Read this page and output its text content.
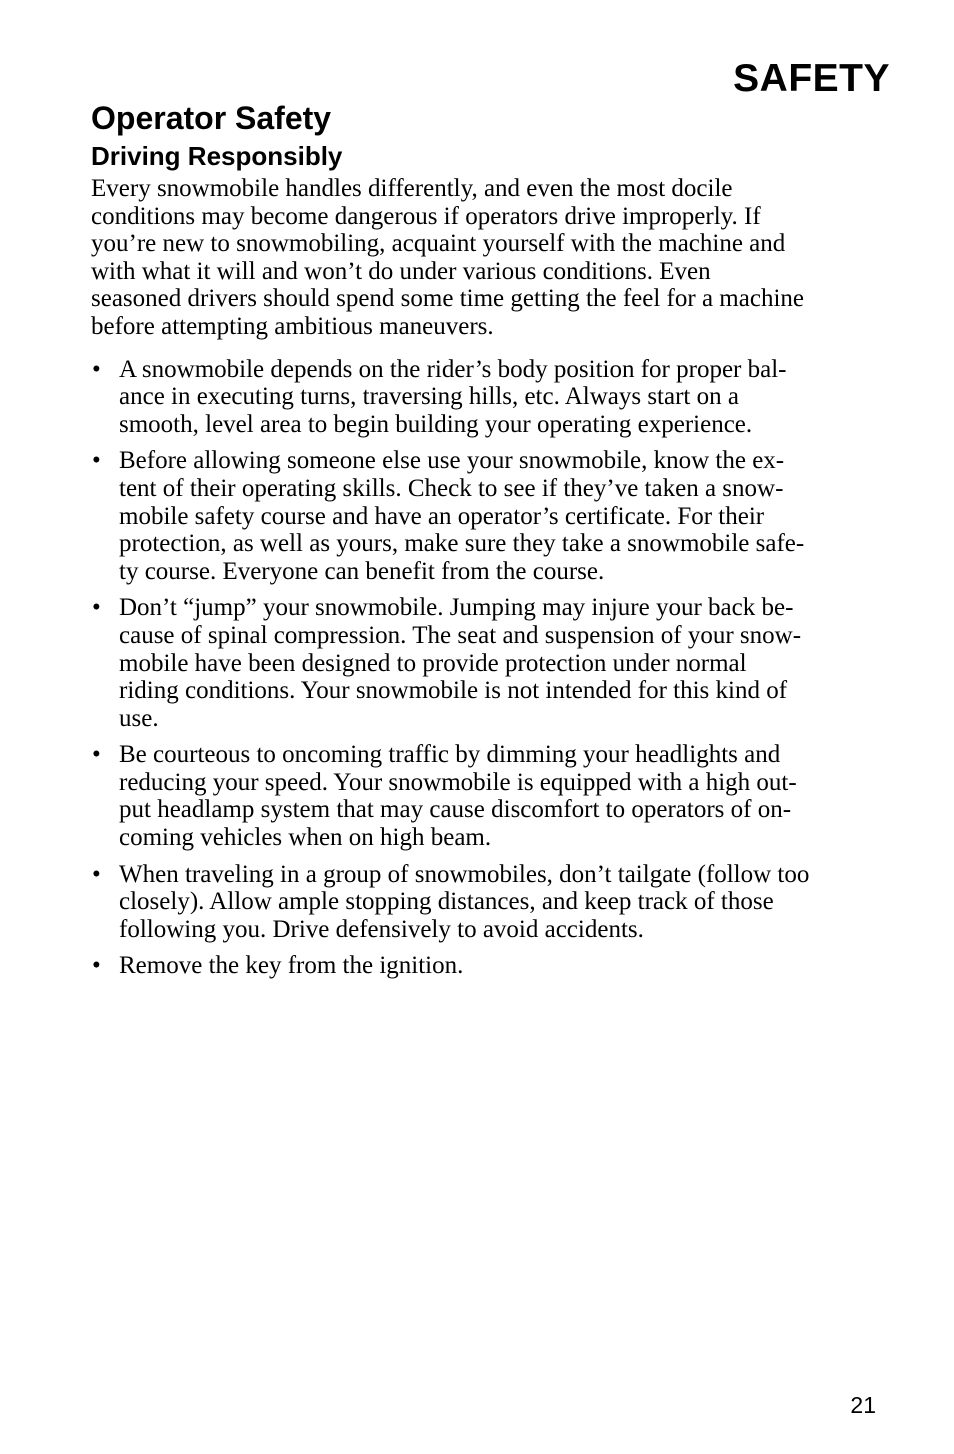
SAFETY
Operator Safety
Driving Responsibly

Every snowmobile handles differently, and even the most docile
conditions may become dangerous if operators drive improperly. If
you’re new to snowmobiling, acquaint yourself with the machine and
with what it will and won’t do under various conditions. Even
seasoned drivers should spend some time getting the feel for a machine
before attempting ambitious maneuvers.

• A snowmobile depends on the rider’s body position for proper bal-
ance in executing turns, traversing hills, etc. Always start on a
smooth, level area to begin building your operating experience.
• Before allowing someone else use your snowmobile, know the ex-
tent of their operating skills. Check to see if they’ve taken a snow-
mobile safety course and have an operator’s certificate. For their
protection, as well as yours, make sure they take a snowmobile safe-
ty course. Everyone can benefit from the course.
• Don’t “jump” your snowmobile. Jumping may injure your back be-
cause of spinal compression. The seat and suspension of your snow-
mobile have been designed to provide protection under normal
riding conditions. Your snowmobile is not intended for this kind of
use.
• Be courteous to oncoming traffic by dimming your headlights and
reducing your speed. Your snowmobile is equipped with a high out-
put headlamp system that may cause discomfort to operators of on-
coming vehicles when on high beam.
• When traveling in a group of snowmobiles, don’t tailgate (follow too
closely). Allow ample stopping distances, and keep track of those
following you. Drive defensively to avoid accidents.
• Remove the key from the ignition.
21
